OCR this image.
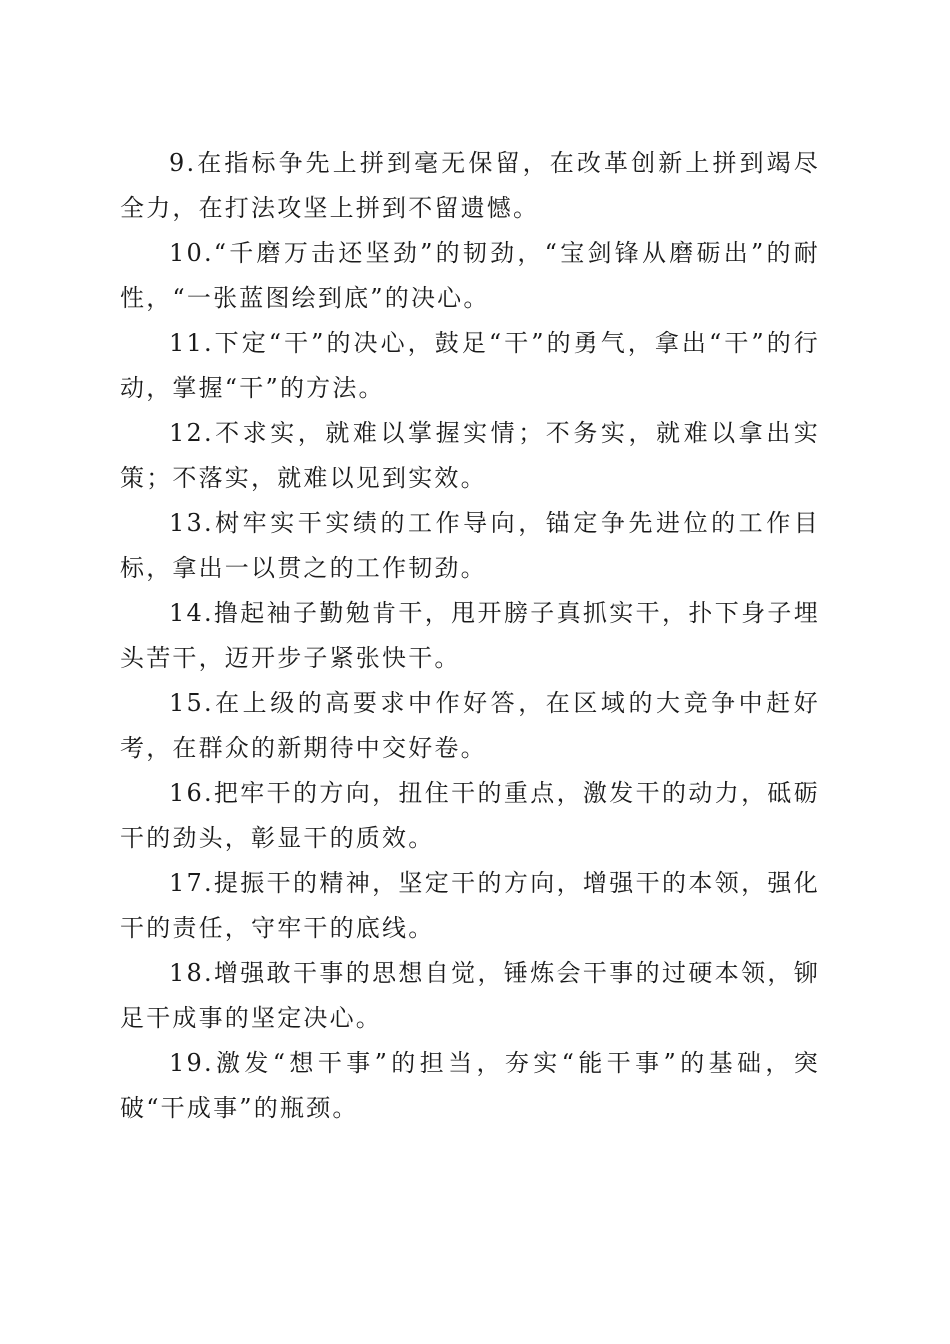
9.在指标争先上拼到毫无保留，在改革创新上拼到竭尽全力，在打法攻坚上拼到不留遗憾。

10.“千磨万击还坚劲”的韧劲，“宝剑锋从磨砺出”的耐性，“一张蓝图绘到底”的决心。

11.下定“干”的决心，鼓足“干”的勇气，拿出“干”的行动，掌握“干”的方法。

12.不求实，就难以掌握实情；不务实，就难以拿出实策；不落实，就难以见到实效。

13.树牢实干实绩的工作导向，锚定争先进位的工作目标，拿出一以贯之的工作韧劲。

14.撸起袖子勤勉肯干，甩开膀子真抓实干，扑下身子埋头苦干，迈开步子紧张快干。

15.在上级的高要求中作好答，在区域的大竞争中赶好考，在群众的新期待中交好卷。

16.把牢干的方向，扭住干的重点，激发干的动力，砥砺干的劲头，彰显干的质效。

17.提振干的精神，坚定干的方向，增强干的本领，强化干的责任，守牢干的底线。

18.增强敢干事的思想自觉，锤炼会干事的过硬本领，铆足干成事的坚定决心。

19.激发“想干事”的担当，夯实“能干事”的基础，突破“干成事”的瓶颈。
